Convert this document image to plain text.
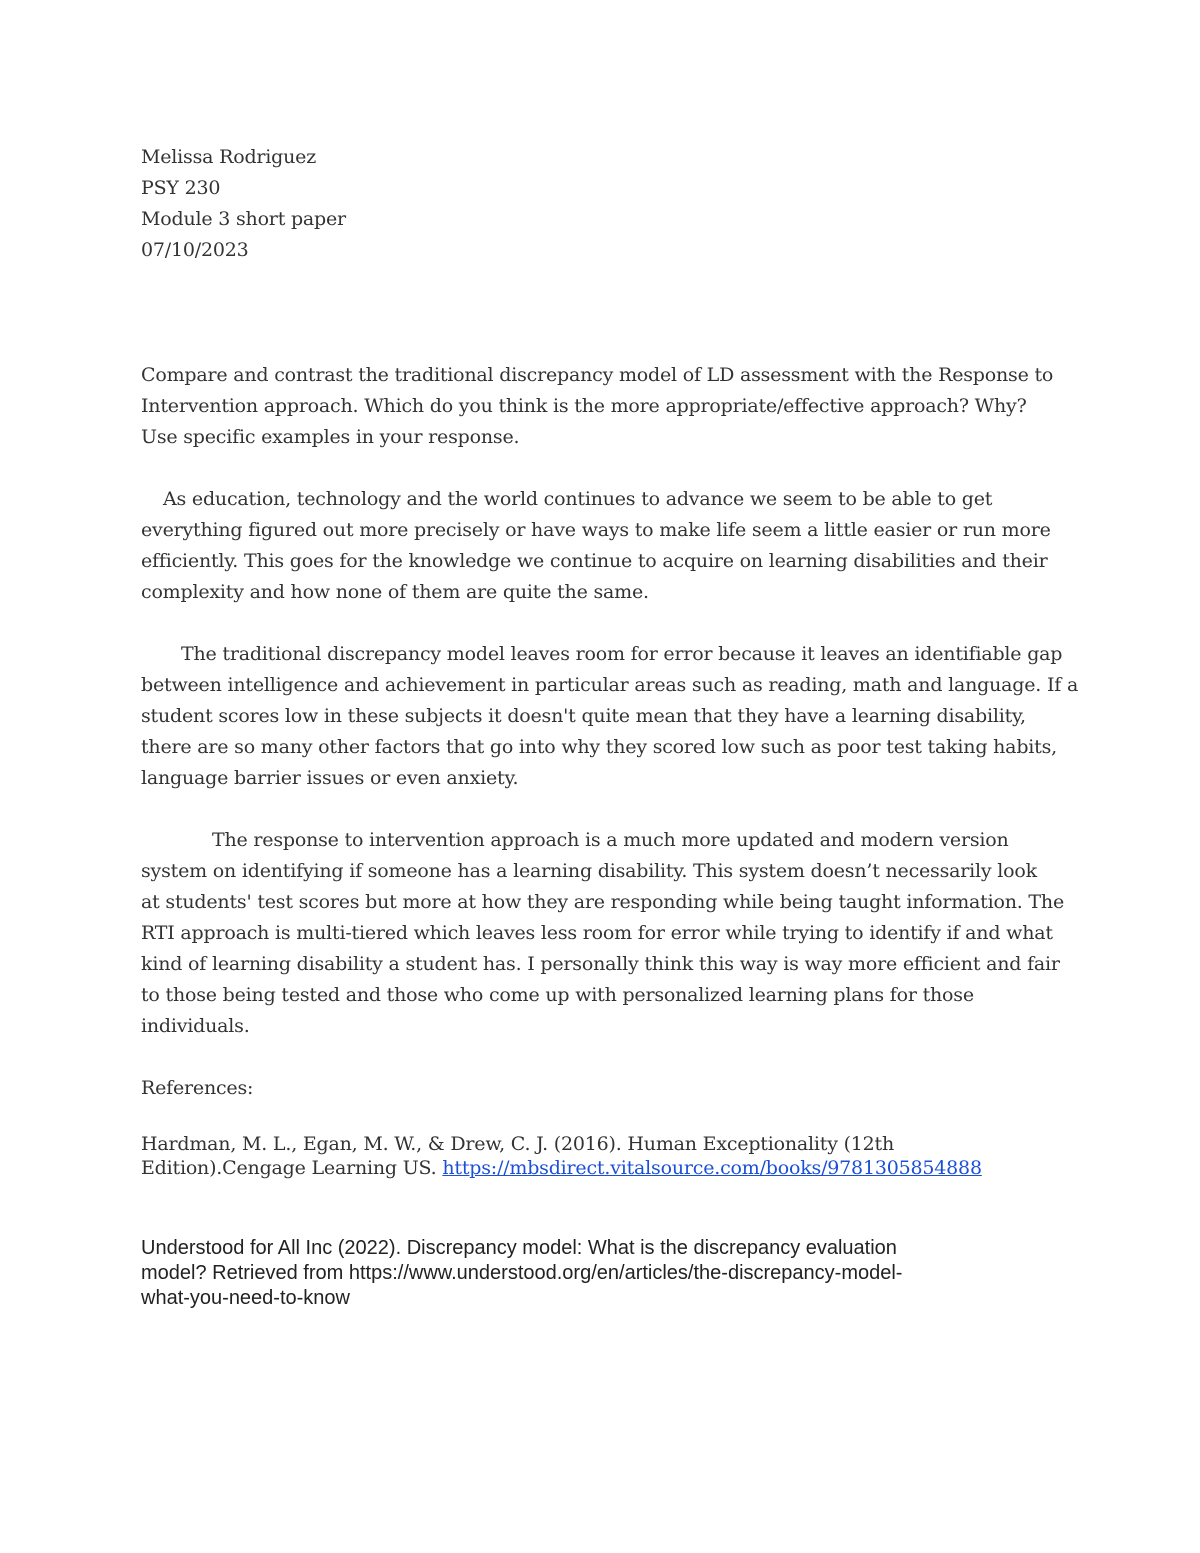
Melissa Rodriguez
PSY 230
Module 3 short paper
07/10/2023
Compare and contrast the traditional discrepancy model of LD assessment with the Response to
Intervention approach. Which do you think is the more appropriate/effective approach? Why?
Use specific examples in your response.
As education, technology and the world continues to advance we seem to be able to get
everything figured out more precisely or have ways to make life seem a little easier or run more
efficiently. This goes for the knowledge we continue to acquire on learning disabilities and their
complexity and how none of them are quite the same.
The traditional discrepancy model leaves room for error because it leaves an identifiable gap
between intelligence and achievement in particular areas such as reading, math and language. If a
student scores low in these subjects it doesn't quite mean that they have a learning disability,
there are so many other factors that go into why they scored low such as poor test taking habits,
language barrier issues or even anxiety.
The response to intervention approach is a much more updated and modern version
system on identifying if someone has a learning disability. This system doesn’t necessarily look
at students' test scores but more at how they are responding while being taught information. The
RTI approach is multi-tiered which leaves less room for error while trying to identify if and what
kind of learning disability a student has. I personally think this way is way more efficient and fair
to those being tested and those who come up with personalized learning plans for those
individuals.
References:
Hardman, M. L., Egan, M. W., & Drew, C. J. (2016). Human Exceptionality (12th
Edition).Cengage Learning US. https://mbsdirect.vitalsource.com/books/9781305854888
Understood for All Inc (2022). Discrepancy model: What is the discrepancy evaluation
model? Retrieved from https://www.understood.org/en/articles/the-discrepancy-model-
what-you-need-to-know
